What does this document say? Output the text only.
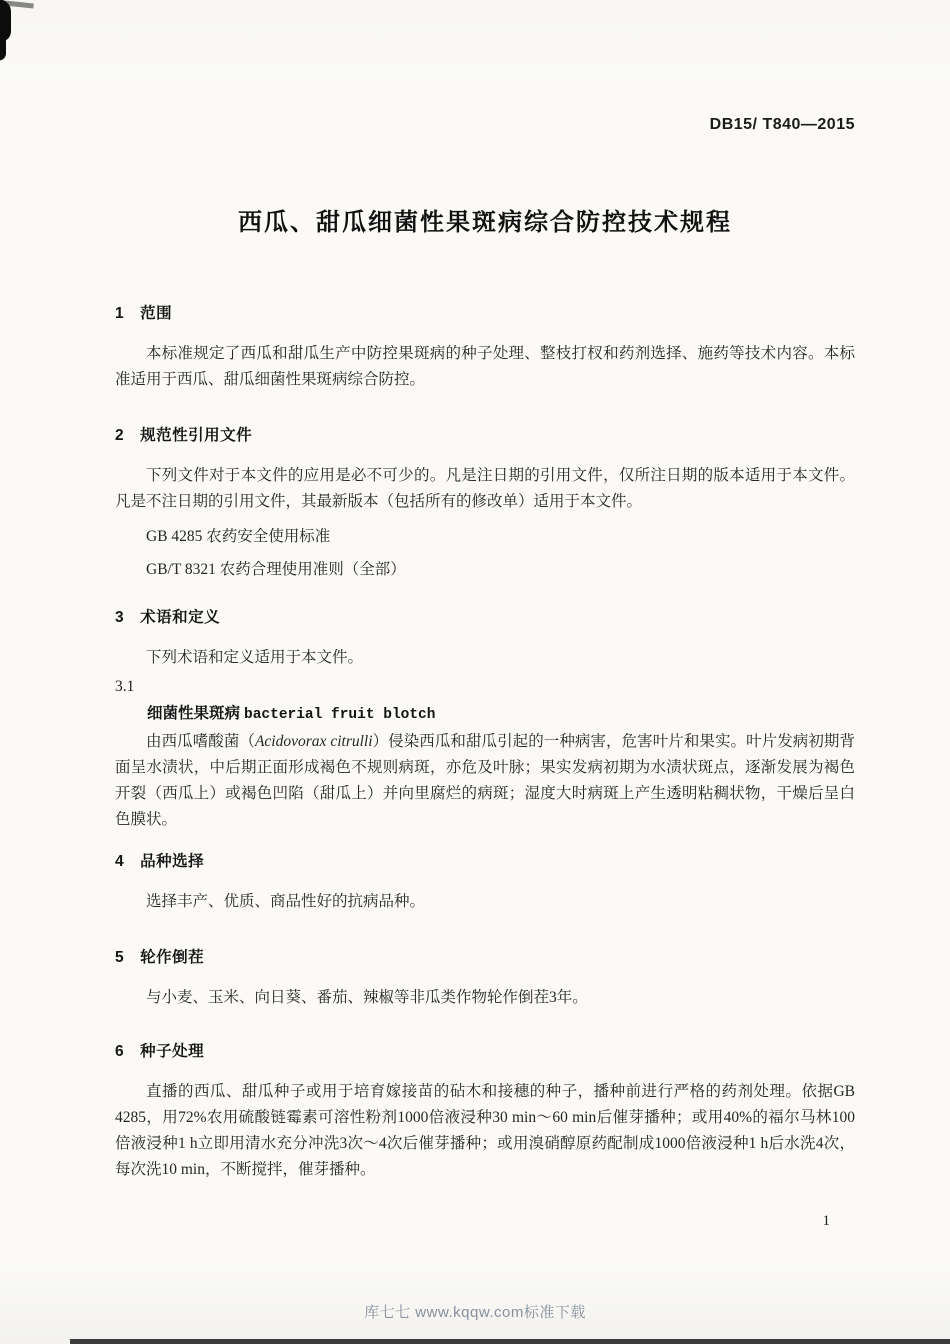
DB15/ T840—2015
西瓜、甜瓜细菌性果斑病综合防控技术规程
1　范围

本标准规定了西瓜和甜瓜生产中防控果斑病的种子处理、整枝打杈和药剂选择、施药等技术内容。本标准适用于西瓜、甜瓜细菌性果斑病综合防控。

2　规范性引用文件

下列文件对于本文件的应用是必不可少的。凡是注日期的引用文件，仅所注日期的版本适用于本文件。凡是不注日期的引用文件，其最新版本（包括所有的修改单）适用于本文件。

GB 4285 农药安全使用标准
GB/T 8321 农药合理使用准则（全部）
3　术语和定义

下列术语和定义适用于本文件。

3.1
细菌性果斑病 bacterial fruit blotch

由西瓜嗜酸菌（Acidovorax citrulli）侵染西瓜和甜瓜引起的一种病害，危害叶片和果实。叶片发病初期背面呈水渍状，中后期正面形成褐色不规则病斑，亦危及叶脉；果实发病初期为水渍状斑点，逐渐发展为褐色开裂（西瓜上）或褐色凹陷（甜瓜上）并向里腐烂的病斑；湿度大时病斑上产生透明粘稠状物，干燥后呈白色膜状。

4　品种选择

选择丰产、优质、商品性好的抗病品种。

5　轮作倒茬

与小麦、玉米、向日葵、番茄、辣椒等非瓜类作物轮作倒茬3年。

6　种子处理

直播的西瓜、甜瓜种子或用于培育嫁接苗的砧木和接穗的种子，播种前进行严格的药剂处理。依据GB 4285，用72%农用硫酸链霉素可溶性粉剂1000倍液浸种30 min～60 min后催芽播种；或用40%的福尔马林100倍液浸种1 h立即用清水充分冲洗3次～4次后催芽播种；或用溴硝醇原药配制成1000倍液浸种1 h后水洗4次，每次洗10 min，不断搅拌，催芽播种。

1
库七七 www.kqqw.com标准下载
